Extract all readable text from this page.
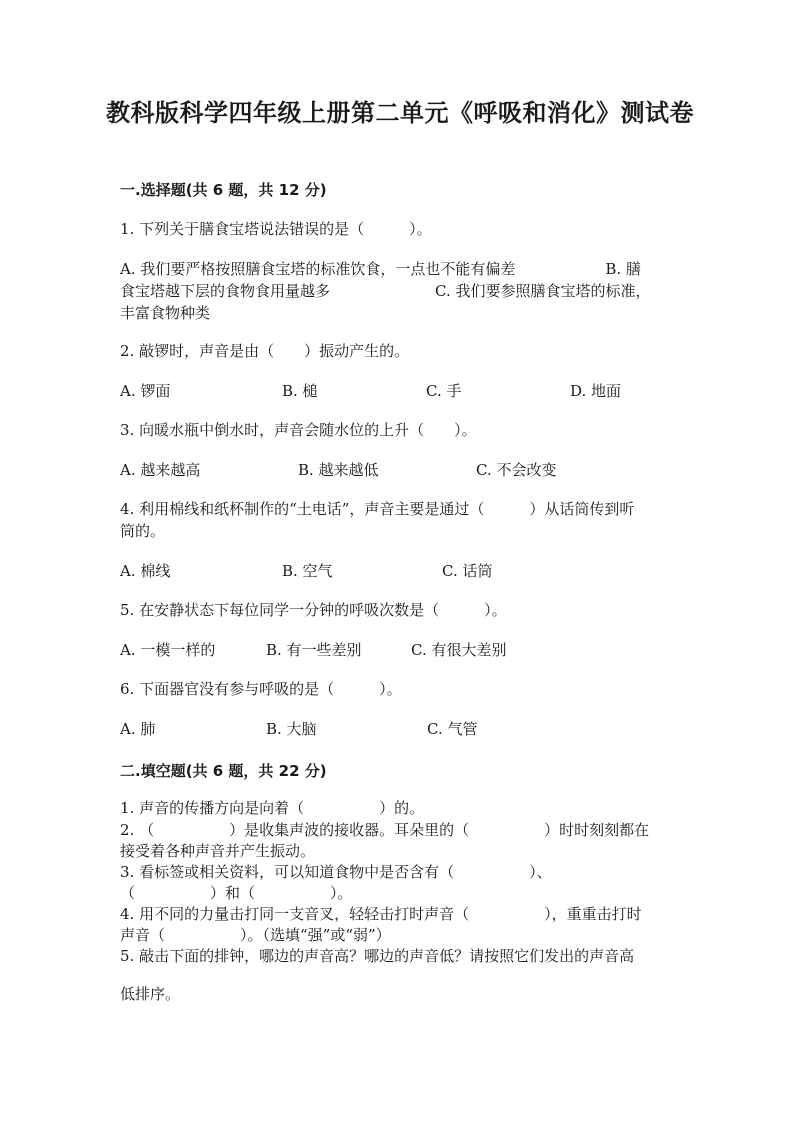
教科版科学四年级上册第二单元《呼吸和消化》测试卷
一.选择题(共 6 题，共 12 分)
1. 下列关于膳食宝塔说法错误的是（　　　）。
A. 我们要严格按照膳食宝塔的标准饮食，一点也不能有偏差　　　　　　B. 膳
食宝塔越下层的食物食用量越多　　　　　　　C. 我们要参照膳食宝塔的标准，
丰富食物种类
2. 敲锣时，声音是由（　　）振动产生的。
A. 锣面	B. 槌	C. 手	D. 地面
3. 向暖水瓶中倒水时，声音会随水位的上升（　　）。
A. 越来越高	B. 越来越低	C. 不会改变
4. 利用棉线和纸杯制作的“土电话”，声音主要是通过（　　　）从话筒传到听
筒的。
A. 棉线	B. 空气	C. 话筒
5. 在安静状态下每位同学一分钟的呼吸次数是（　　　）。
A. 一模一样的	B. 有一些差别	C. 有很大差别
6. 下面器官没有参与呼吸的是（　　　）。
A. 肺	B. 大脑	C. 气管
二.填空题(共 6 题，共 22 分)
1. 声音的传播方向是向着（　　　　　）的。
2. （　　　　　）是收集声波的接收器。耳朵里的（　　　　　）时时刻刻都在
接受着各种声音并产生振动。
3. 看标签或相关资料，可以知道食物中是否含有（　　　　　）、
（　　　　　）和（　　　　　）。
4. 用不同的力量击打同一支音叉，轻轻击打时声音（　　　　　），重重击打时
声音（　　　　　）。（选填“强”或“弱”）
5. 敲击下面的排钟，哪边的声音高？哪边的声音低？请按照它们发出的声音高
低排序。
